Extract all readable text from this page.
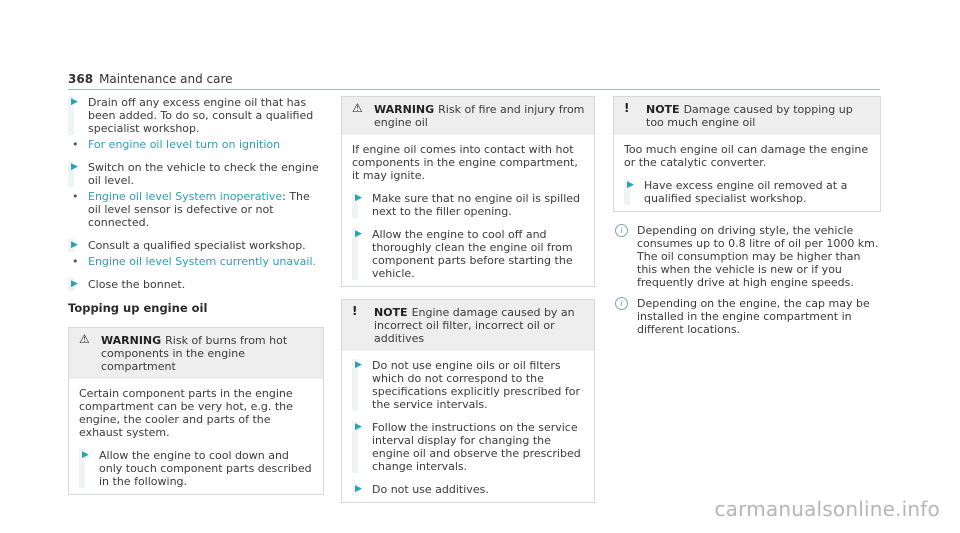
368 Maintenance and care
▶ Drain off any excess engine oil that has been added. To do so, consult a qualified specialist workshop.
• For engine oil level turn on ignition
▶ Switch on the vehicle to check the engine oil level.
• Engine oil level System inoperative: The oil level sensor is defective or not connected.
▶ Consult a qualified specialist workshop.
• Engine oil level System currently unavail.
▶ Close the bonnet.
Topping up engine oil
⚠ WARNING Risk of burns from hot components in the engine compartment

Certain component parts in the engine compartment can be very hot, e.g. the engine, the cooler and parts of the exhaust system.

▶ Allow the engine to cool down and only touch component parts described in the following.
⚠ WARNING Risk of fire and injury from engine oil

If engine oil comes into contact with hot components in the engine compartment, it may ignite.

▶ Make sure that no engine oil is spilled next to the filler opening.
▶ Allow the engine to cool off and thoroughly clean the engine oil from component parts before starting the vehicle.
! NOTE Engine damage caused by an incorrect oil filter, incorrect oil or additives
▶ Do not use engine oils or oil filters which do not correspond to the specifications explicitly prescribed for the service intervals.
▶ Follow the instructions on the service interval display for changing the engine oil and observe the prescribed change intervals.
▶ Do not use additives.
! NOTE Damage caused by topping up too much engine oil

Too much engine oil can damage the engine or the catalytic converter.

▶ Have excess engine oil removed at a qualified specialist workshop.
i	Depending on driving style, the vehicle consumes up to 0.8 litre of oil per 1000 km. The oil consumption may be higher than this when the vehicle is new or if you frequently drive at high engine speeds.
i	Depending on the engine, the cap may be installed in the engine compartment in different locations.
carmanualsonline.info
